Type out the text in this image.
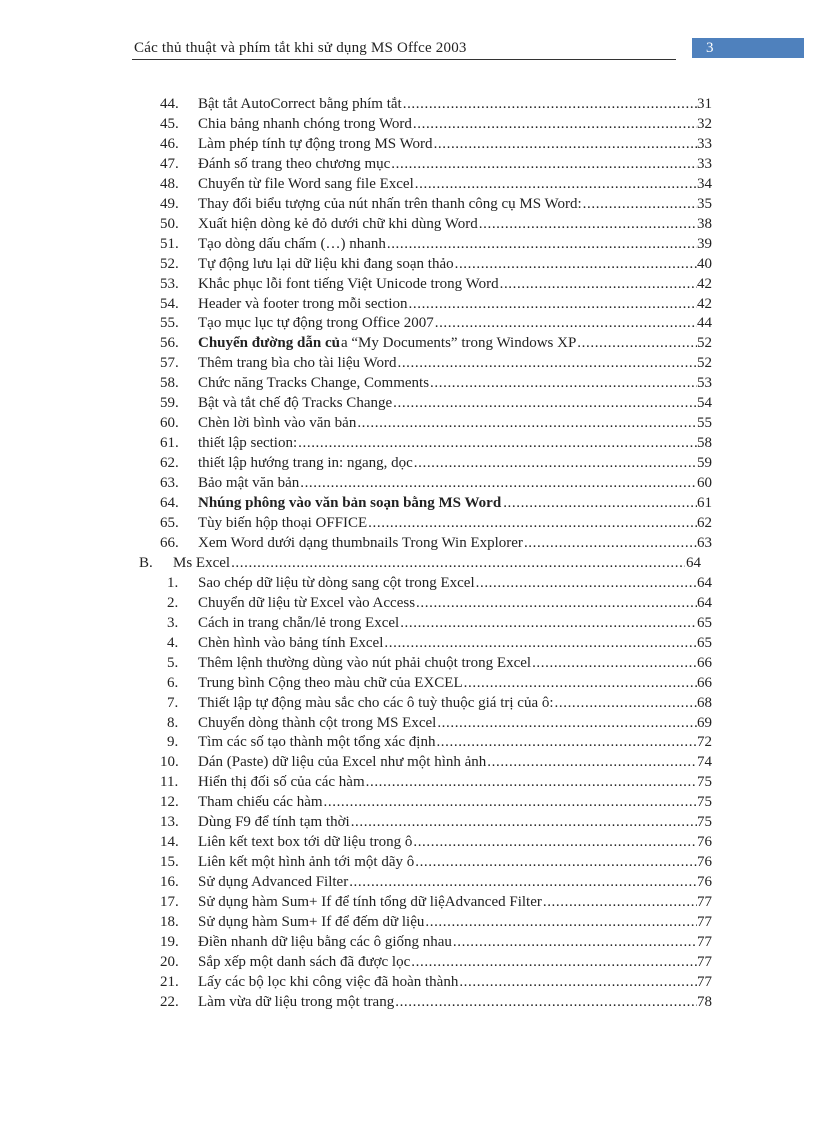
Các thủ thuật và phím tắt khi sử dụng MS Offce 2003	3
44. Bật tắt AutoCorrect bằng phím tắt .....	31
45. Chia bảng nhanh chóng trong Word .....	32
46. Làm phép tính tự động trong MS Word .....	33
47. Đánh số trang theo chương mục .....	33
48. Chuyển từ file Word sang file Excel .....	34
49. Thay đổi biểu tượng của nút nhấn trên thanh công cụ MS Word: .....	35
50. Xuất hiện dòng kẻ đỏ dưới chữ khi dùng Word .....	38
51. Tạo dòng dấu chấm (…) nhanh .....	39
52. Tự động lưu lại dữ liệu khi đang soạn thảo .....	40
53. Khắc phục lỗi font tiếng Việt Unicode trong Word .....	42
54. Header và footer trong mỗi section .....	42
55. Tạo mục lục tự động trong Office 2007 .....	44
56. Chuyển đường dẫn củ a “My Documents” trong Windows XP .....	52
57. Thêm trang bìa cho tài liệu Word .....	52
58. Chức năng Tracks Change, Comments .....	53
59. Bật và tắt chế độ Tracks Change .....	54
60. Chèn lời bình vào văn bản .....	55
61. thiết lập section: .....	58
62. thiết lập hướng trang in: ngang, dọc .....	59
63. Bảo mật văn bản .....	60
64. Nhúng phông vào văn bản soạn bằng MS Word .....	61
65. Tùy biến hộp thoại OFFICE .....	62
66. Xem Word dưới dạng thumbnails Trong Win Explorer .....	63
B. Ms Excel .....	64
1. Sao chép dữ liệu từ dòng sang cột trong Excel .....	64
2. Chuyển dữ liệu từ Excel vào Access .....	64
3. Cách in trang chẵn/lẻ trong Excel .....	65
4. Chèn hình vào bảng tính Excel .....	65
5. Thêm lệnh thường dùng vào nút phải chuột trong Excel .....	66
6. Trung bình Cộng theo màu chữ của EXCEL .....	66
7. Thiết lập tự động màu sắc cho các ô tuỳ thuộc giá trị của ô: .....	68
8. Chuyển dòng thành cột trong MS Excel .....	69
9. Tìm các số tạo thành một tổng xác định .....	72
10. Dán (Paste) dữ liệu của Excel như một hình ảnh .....	74
11. Hiển thị đối số của các hàm .....	75
12. Tham chiếu các hàm .....	75
13. Dùng F9 để tính tạm thời .....	75
14. Liên kết text box tới dữ liệu trong ô .....	76
15. Liên kết một hình ảnh tới một dãy ô .....	76
16. Sử dụng Advanced Filter .....	76
17. Sử dụng hàm Sum+ If để tính tổng dữ liệAdvanced Filter .....	77
18. Sử dụng hàm Sum+ If để đếm dữ liệu .....	77
19. Điền nhanh dữ liệu bằng các ô giống nhau .....	77
20. Sắp xếp một danh sách đã được lọc .....	77
21. Lấy các bộ lọc khi công việc đã hoàn thành .....	77
22. Làm vừa dữ liệu trong một trang .....	78
